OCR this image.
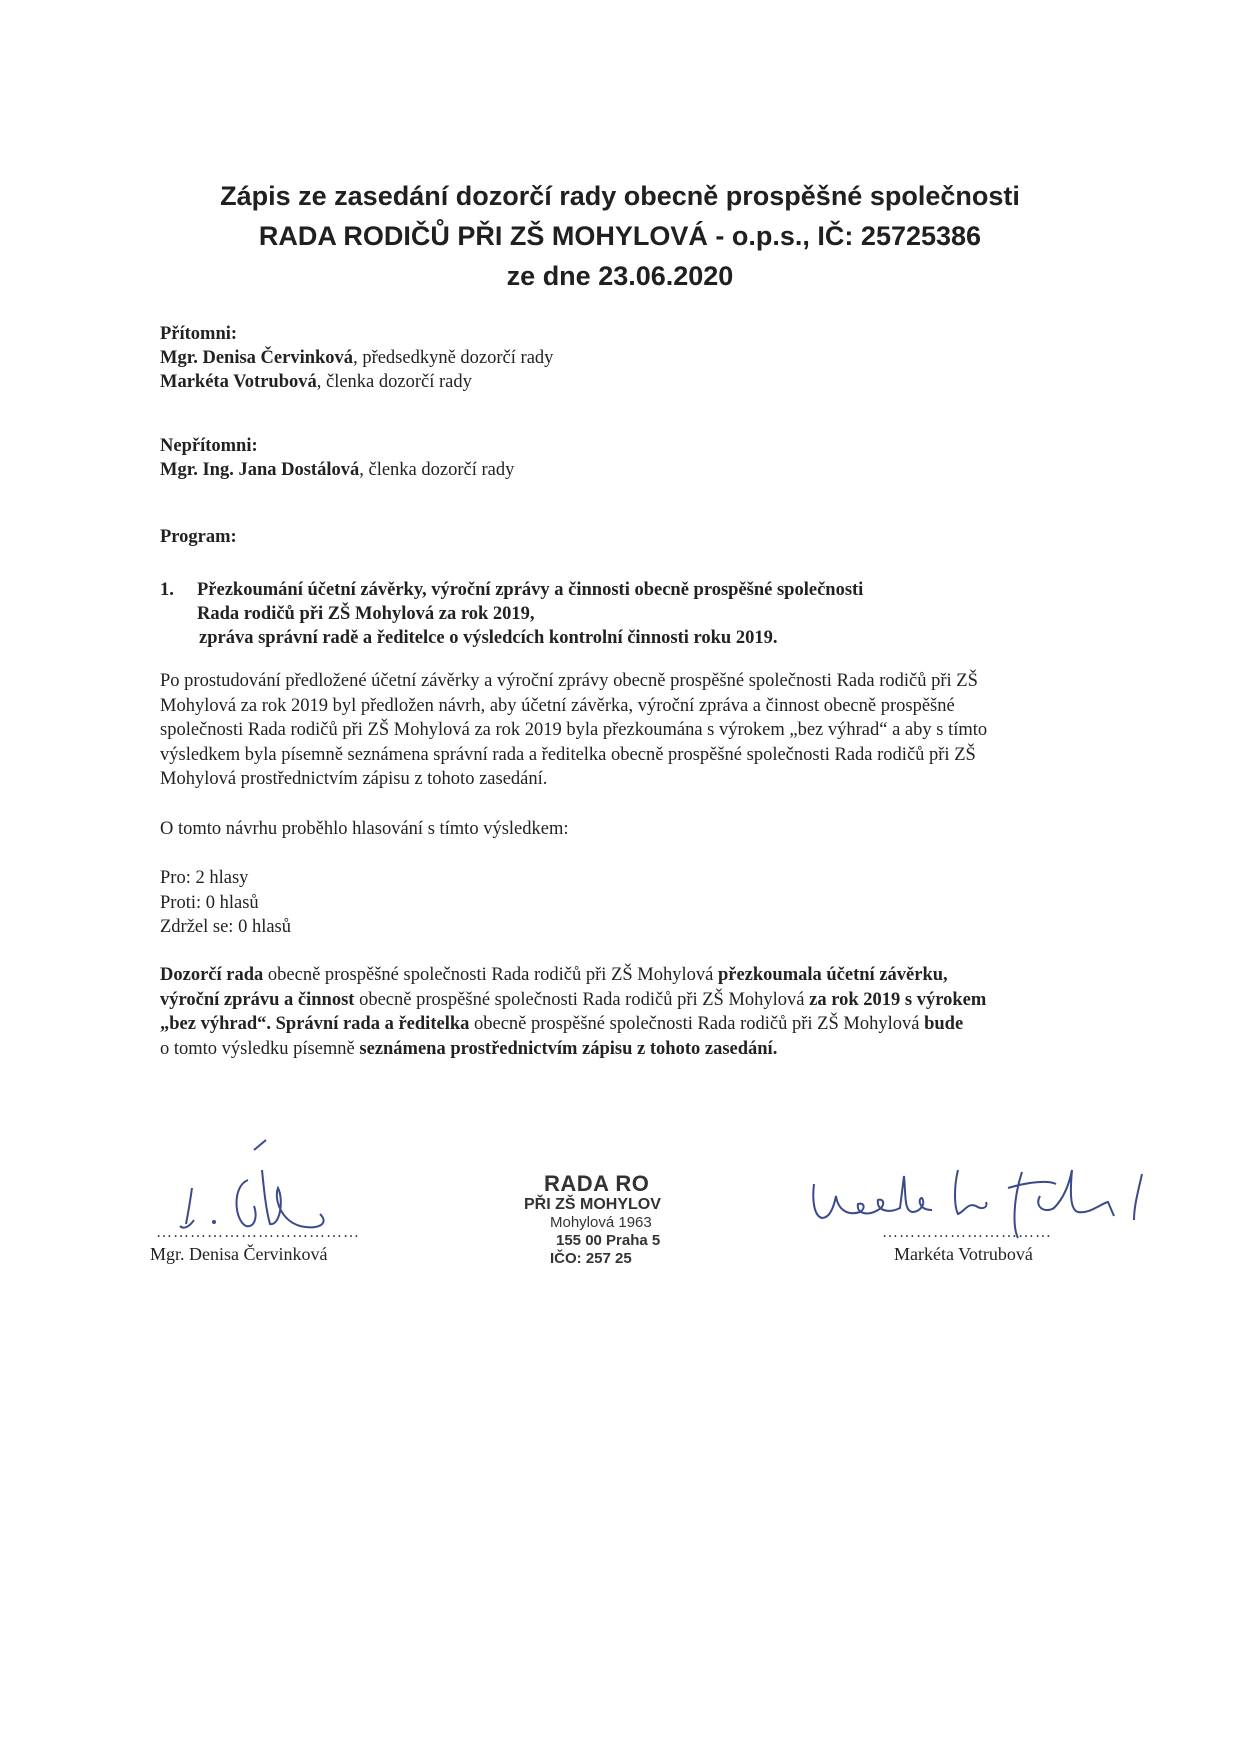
Zápis ze zasedání dozorčí rady obecně prospěšné společnosti
RADA RODIČŮ PŘI ZŠ MOHYLOVÁ - o.p.s., IČ: 25725386
ze dne 23.06.2020
Přítomni:
Mgr. Denisa Červinková, předsedkyně dozorčí rady
Markéta Votrubová, členka dozorčí rady
Nepřítomni:
Mgr. Ing. Jana Dostálová, členka dozorčí rady
Program:
1. Přezkoumání účetní závěrky, výroční zprávy a činnosti obecně prospěšné společnosti
Rada rodičů při ZŠ Mohylová za rok 2019,
zpráva správní radě a ředitelce o výsledcích kontrolní činnosti roku 2019.
Po prostudování předložené účetní závěrky a výroční zprávy obecně prospěšné společnosti Rada rodičů při ZŠ
Mohylová za rok 2019 byl předložen návrh, aby účetní závěrka, výroční zpráva a činnost obecně prospěšné
společnosti Rada rodičů při ZŠ Mohylová za rok 2019 byla přezkoumána s výrokem „bez výhrad“ a aby s tímto
výsledkem byla písemně seznámena správní rada a ředitelka obecně prospěšné společnosti Rada rodičů při ZŠ
Mohylová prostřednictvím zápisu z tohoto zasedání.
O tomto návrhu proběhlo hlasování s tímto výsledkem:
Pro: 2 hlasy
Proti: 0 hlasů
Zdržel se: 0 hlasů
Dozorčí rada obecně prospěšné společnosti Rada rodičů při ZŠ Mohylová přezkoumala účetní závěrku,
výroční zprávu a činnost obecně prospěšné společnosti Rada rodičů při ZŠ Mohylová za rok 2019 s výrokem
„bez výhrad“. Správní rada a ředitelka obecně prospěšné společnosti Rada rodičů při ZŠ Mohylová bude
o tomto výsledku písemně seznámena prostřednictvím zápisu z tohoto zasedání.
………………………………
Mgr. Denisa Červinková
RADA RO
PŘI ZŠ MOHYLOV
Mohylová 1963
155 00 Praha 5
IČO: 257 25
…………………………
Markéta Votrubová
